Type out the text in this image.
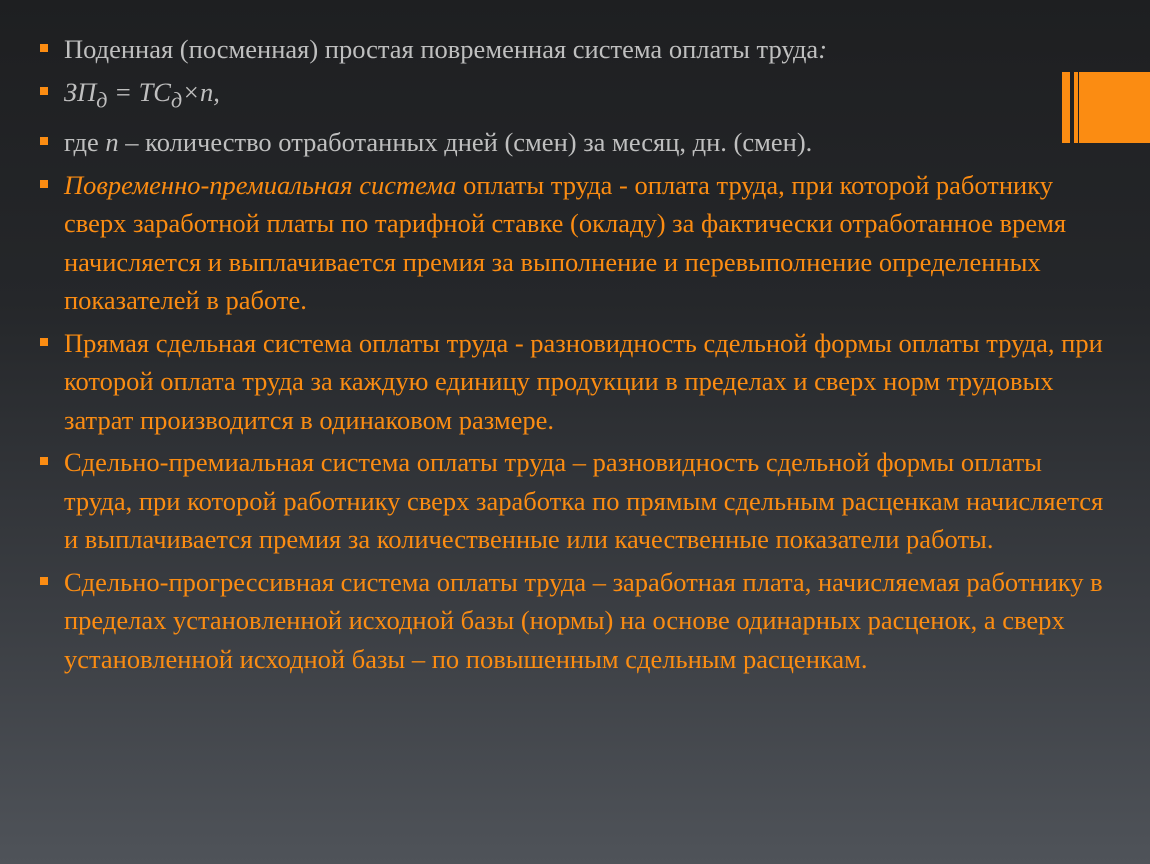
Поденная (посменная) простая повременная система оплаты труда:
$ЗП_д = ТС_д\times n$,
где n – количество отработанных дней (смен) за месяц, дн. (смен).
Повременно-премиальная система оплаты труда - оплата труда, при которой работнику сверх заработной платы по тарифной ставке (окладу) за фактически отработанное время начисляется и выплачивается премия за выполнение и перевыполнение определенных показателей в работе.
Прямая сдельная система оплаты труда - разновидность сдельной формы оплаты труда, при которой оплата труда за каждую единицу продукции в пределах и сверх норм трудовых затрат производится в одинаковом размере.
Сдельно-премиальная система оплаты труда – разновидность сдельной формы оплаты труда, при которой работнику сверх заработка по прямым сдельным расценкам начисляется и выплачивается премия за количественные или качественные показатели работы.
Сдельно-прогрессивная система оплаты труда – заработная плата, начисляемая работнику в пределах установленной исходной базы (нормы) на основе одинарных расценок, а сверх установленной исходной базы – по повышенным сдельным расценкам.
